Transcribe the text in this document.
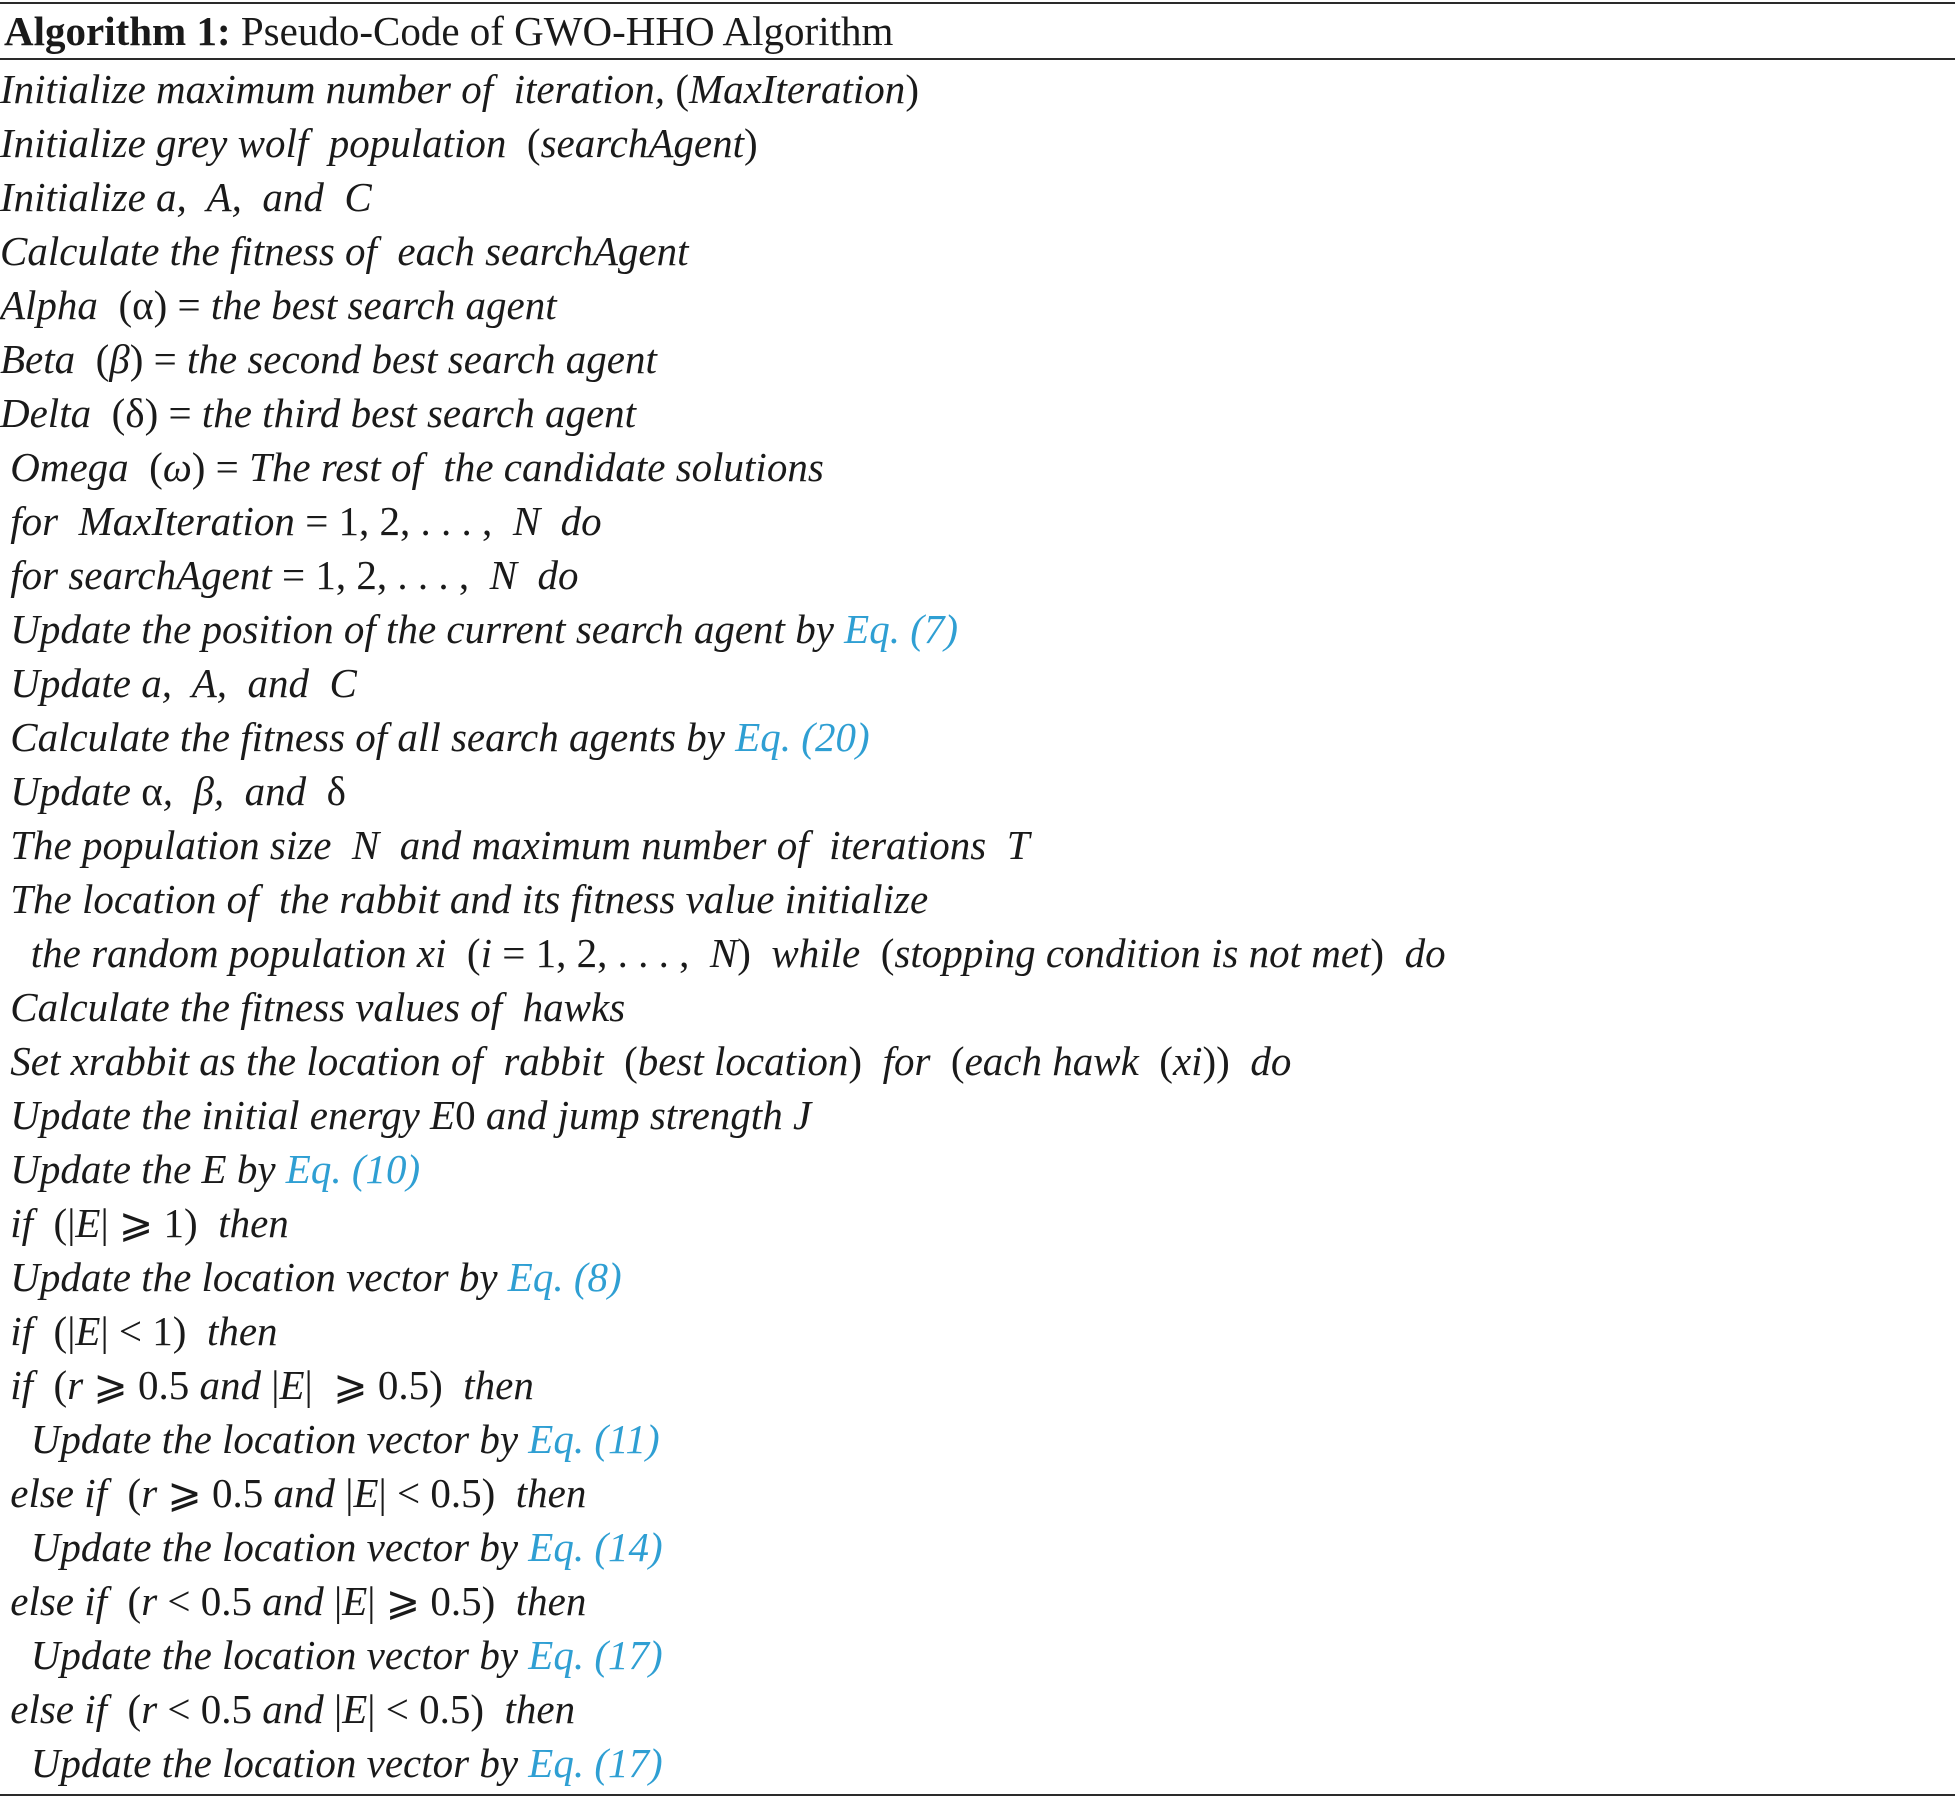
Algorithm 1: Pseudo-Code of GWO-HHO Algorithm
Initialize maximum number of  iteration, (MaxIteration)
Initialize grey wolf  population  (searchAgent)
Initialize a,  A,  and  C
Calculate the fitness of  each searchAgent
Alpha  (α) = the best search agent
Beta  (β) = the second best search agent
Delta  (δ) = the third best search agent
Omega  (ω) = The rest of  the candidate solutions
for  MaxIteration = 1, 2, . . . ,  N  do
for searchAgent = 1, 2, . . . ,  N  do
Update the position of the current search agent by Eq. (7)
Update a,  A,  and  C
Calculate the fitness of all search agents by Eq. (20)
Update α,  β,  and  δ
The population size  N  and maximum number of  iterations  T
The location of  the rabbit and its fitness value initialize
the random population xi  (i = 1, 2, . . . ,  N)  while  (stopping condition is not met)  do
Calculate the fitness values of  hawks
Set xrabbit as the location of  rabbit  (best location)  for  (each hawk  (xi))  do
Update the initial energy E0 and jump strength J
Update the E by Eq. (10)
if  (|E| ⩾ 1)  then
Update the location vector by Eq. (8)
if  (|E| < 1)  then
if  (r ⩾ 0.5 and |E|  ⩾ 0.5)  then
Update the location vector by Eq. (11)
else if  (r ⩾ 0.5 and |E| < 0.5)  then
Update the location vector by Eq. (14)
else if  (r < 0.5 and |E| ⩾ 0.5)  then
Update the location vector by Eq. (17)
else if  (r < 0.5 and |E| < 0.5)  then
Update the location vector by Eq. (17)
